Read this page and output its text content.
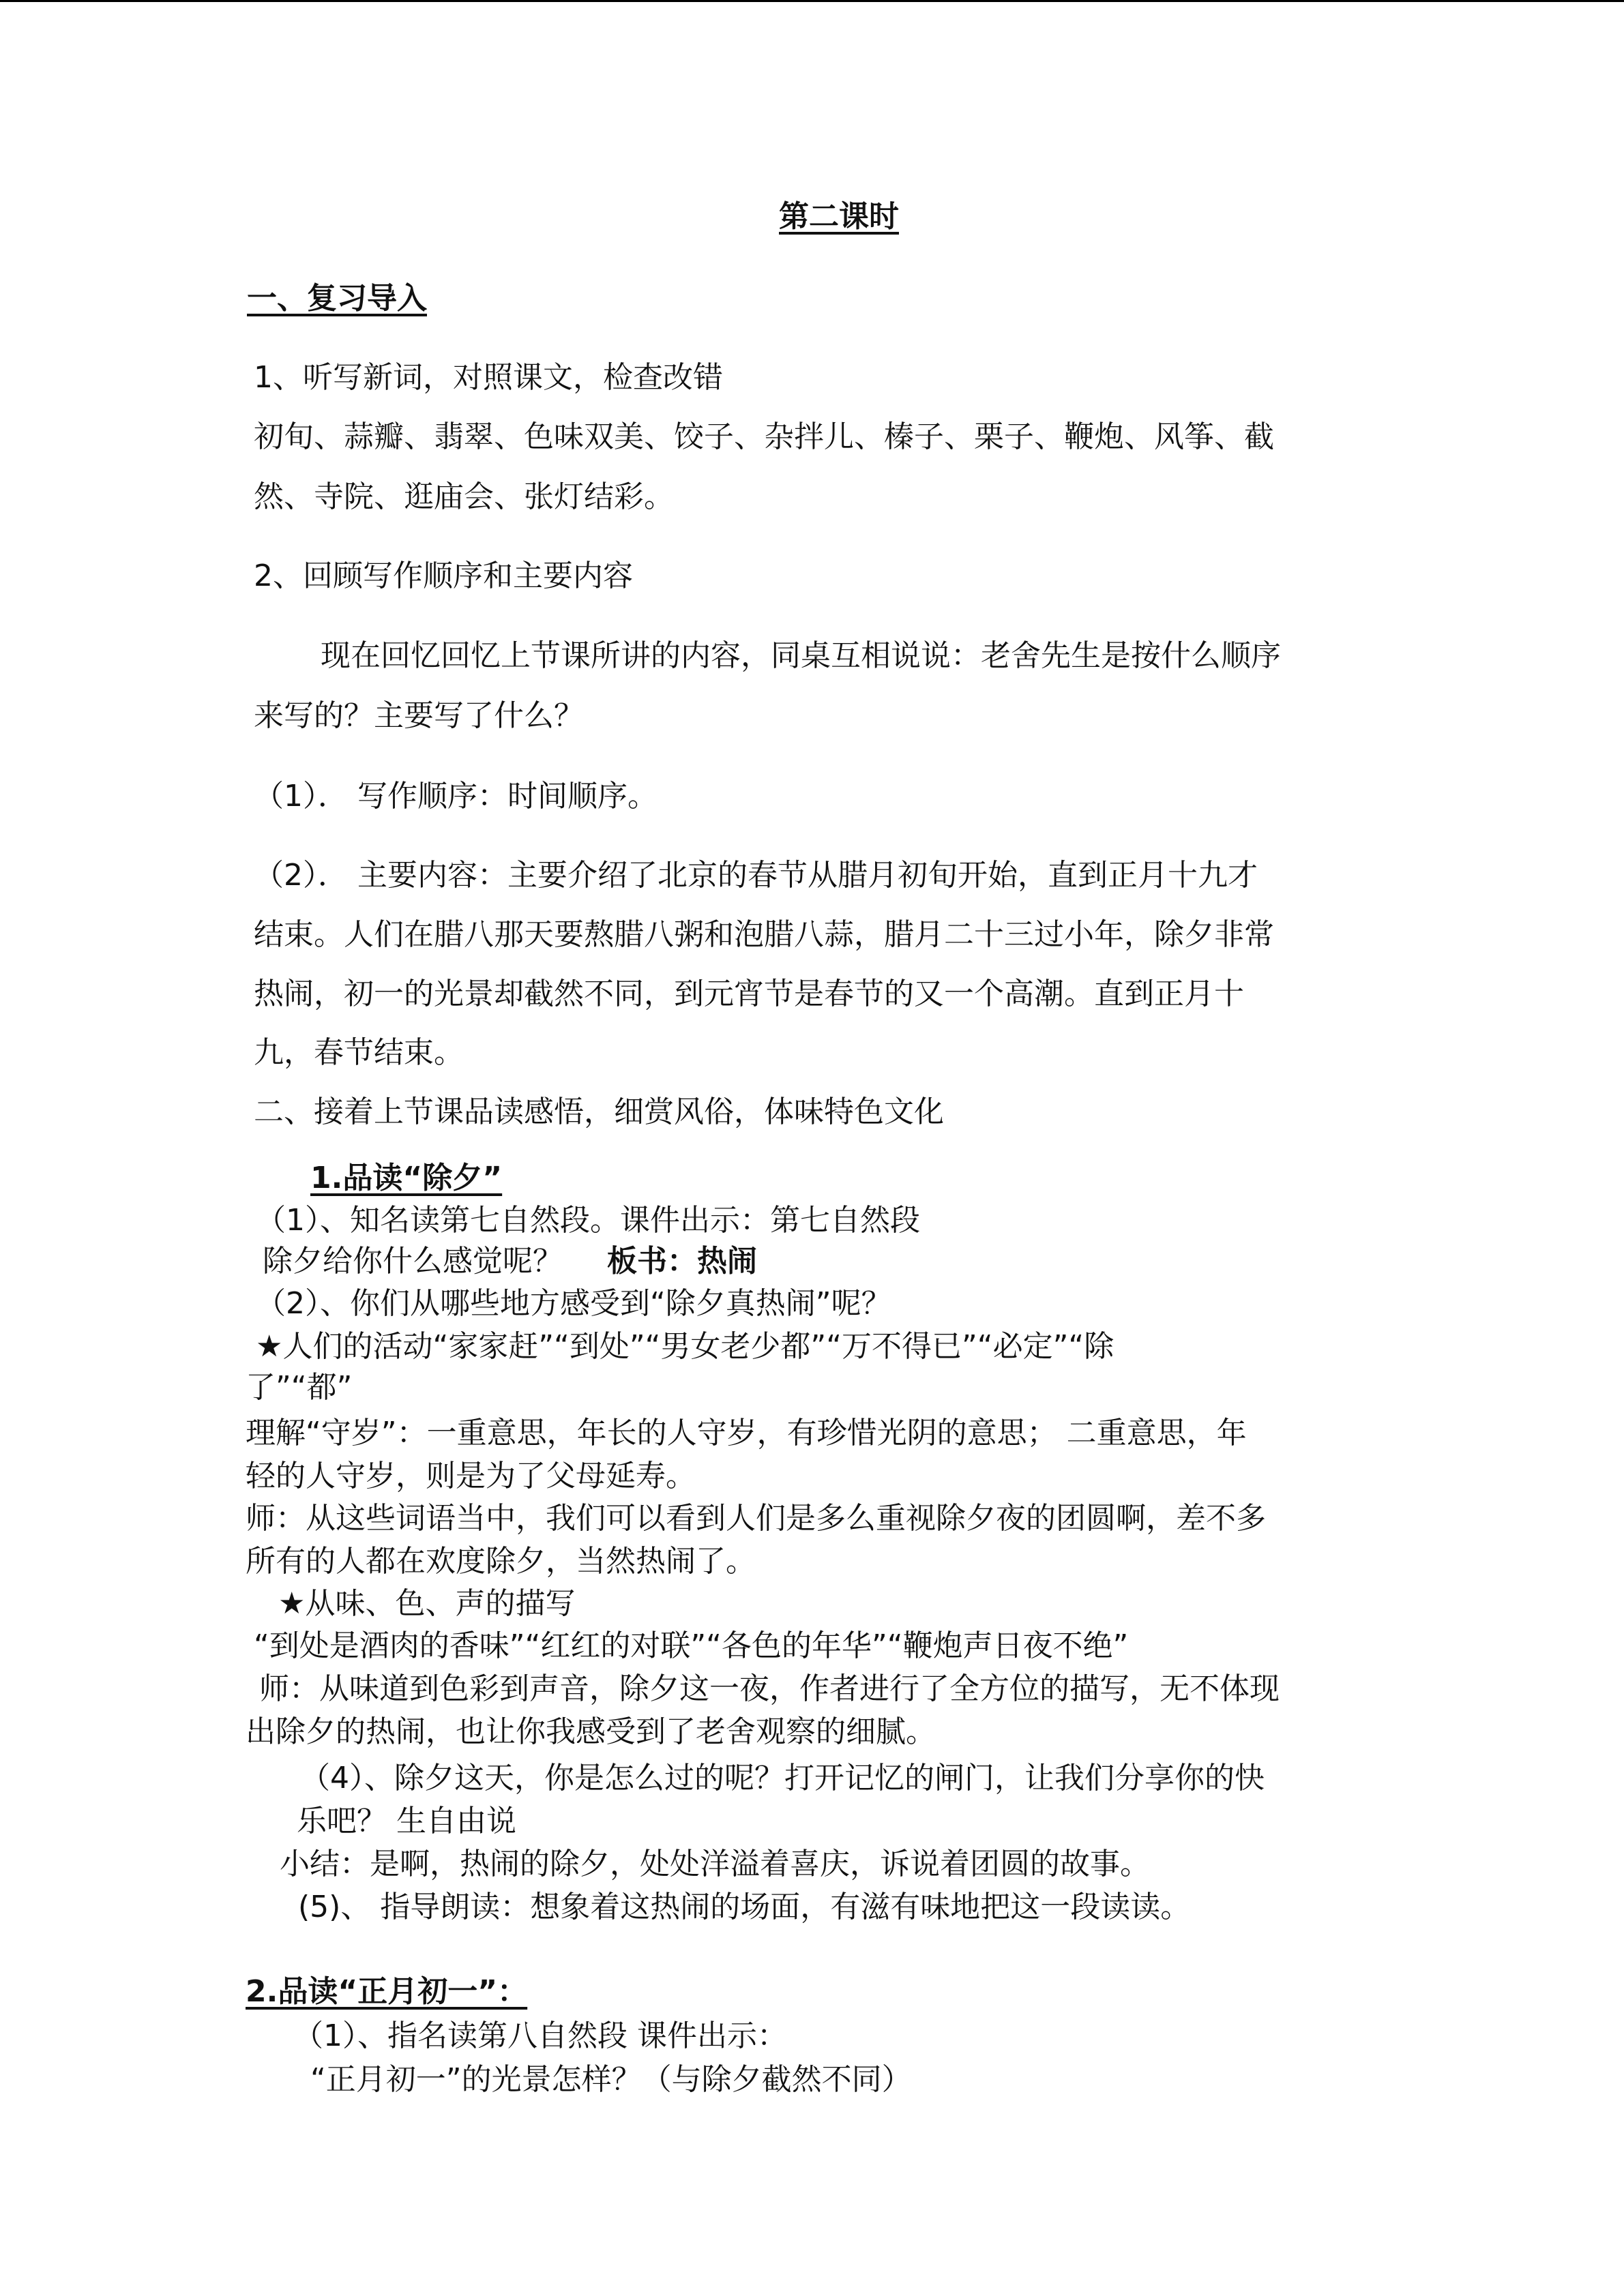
第二课时
一、复习导入
1、听写新词，对照课文，检查改错
初旬、蒜瓣、翡翠、色味双美、饺子、杂拌儿、榛子、栗子、鞭炮、风筝、截
然、寺院、逛庙会、张灯结彩。
2、回顾写作顺序和主要内容
现在回忆回忆上节课所讲的内容，同桌互相说说：老舍先生是按什么顺序
来写的？主要写了什么？
（1）． 写作顺序：时间顺序。
（2）． 主要内容：主要介绍了北京的春节从腊月初旬开始，直到正月十九才
结束。人们在腊八那天要熬腊八粥和泡腊八蒜，腊月二十三过小年，除夕非常
热闹，初一的光景却截然不同，到元宵节是春节的又一个高潮。直到正月十
九，春节结束。
二、接着上节课品读感悟，细赏风俗，体味特色文化
1.品读“除夕”
（1）、知名读第七自然段。课件出示：第七自然段
除夕给你什么感觉呢？ 板书：热闹
（2）、你们从哪些地方感受到“除夕真热闹”呢？
★人们的活动“家家赶”“到处”“男女老少都”“万不得已”“必定”“除
了”“都”
理解“守岁”：一重意思，年长的人守岁，有珍惜光阴的意思； 二重意思，年
轻的人守岁，则是为了父母延寿。
师：从这些词语当中，我们可以看到人们是多么重视除夕夜的团圆啊，差不多
所有的人都在欢度除夕，当然热闹了。
★从味、色、声的描写
“到处是酒肉的香味”“红红的对联”“各色的年华”“鞭炮声日夜不绝”
师：从味道到色彩到声音，除夕这一夜，作者进行了全方位的描写，无不体现
出除夕的热闹，也让你我感受到了老舍观察的细腻。
（4）、除夕这天，你是怎么过的呢？打开记忆的闸门，让我们分享你的快
乐吧？ 生自由说
小结：是啊，热闹的除夕，处处洋溢着喜庆，诉说着团圆的故事。
(5)、 指导朗读：想象着这热闹的场面，有滋有味地把这一段读读。
2.品读“正月初一”：
（1）、指名读第八自然段 课件出示：
“正月初一”的光景怎样？（与除夕截然不同）
